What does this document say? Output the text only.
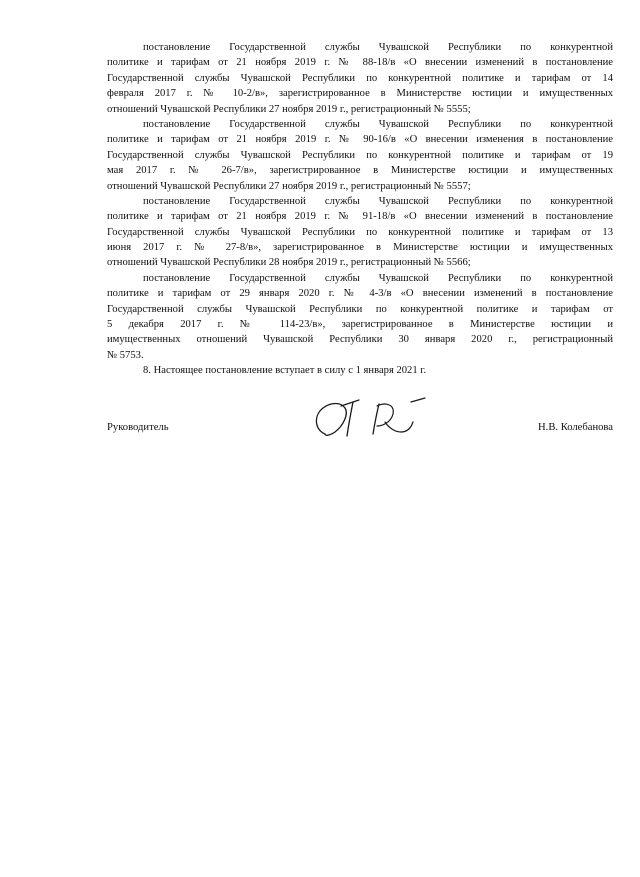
постановление Государственной службы Чувашской Республики по конкурентной
политике и тарифам от 21 ноября 2019 г. № 88-18/в «О внесении изменений в постановление
Государственной службы Чувашской Республики по конкурентной политике и тарифам от 14
февраля 2017 г. № 10-2/в», зарегистрированное в Министерстве юстиции и имущественных
отношений Чувашской Республики 27 ноября 2019 г., регистрационный № 5555;
постановление Государственной службы Чувашской Республики по конкурентной
политике и тарифам от 21 ноября 2019 г. № 90-16/в «О внесении изменения в постановление
Государственной службы Чувашской Республики по конкурентной политике и тарифам от 19
мая 2017 г. № 26-7/в», зарегистрированное в Министерстве юстиции и имущественных
отношений Чувашской Республики 27 ноября 2019 г., регистрационный № 5557;
постановление Государственной службы Чувашской Республики по конкурентной
политике и тарифам от 21 ноября 2019 г. № 91-18/в «О внесении изменений в постановление
Государственной службы Чувашской Республики по конкурентной политике и тарифам от 13
июня 2017 г. № 27-8/в», зарегистрированное в Министерстве юстиции и имущественных
отношений Чувашской Республики 28 ноября 2019 г., регистрационный № 5566;
постановление Государственной службы Чувашской Республики по конкурентной
политике и тарифам от 29 января 2020 г. № 4-3/в «О внесении изменений в постановление
Государственной службы Чувашской Республики по конкурентной политике и тарифам от
5 декабря 2017 г. № 114-23/в», зарегистрированное в Министерстве юстиции и
имущественных отношений Чувашской Республики 30 января 2020 г., регистрационный
№ 5753.
8. Настоящее постановление вступает в силу с 1 января 2021 г.
Руководитель	Н.В. Колебанова
